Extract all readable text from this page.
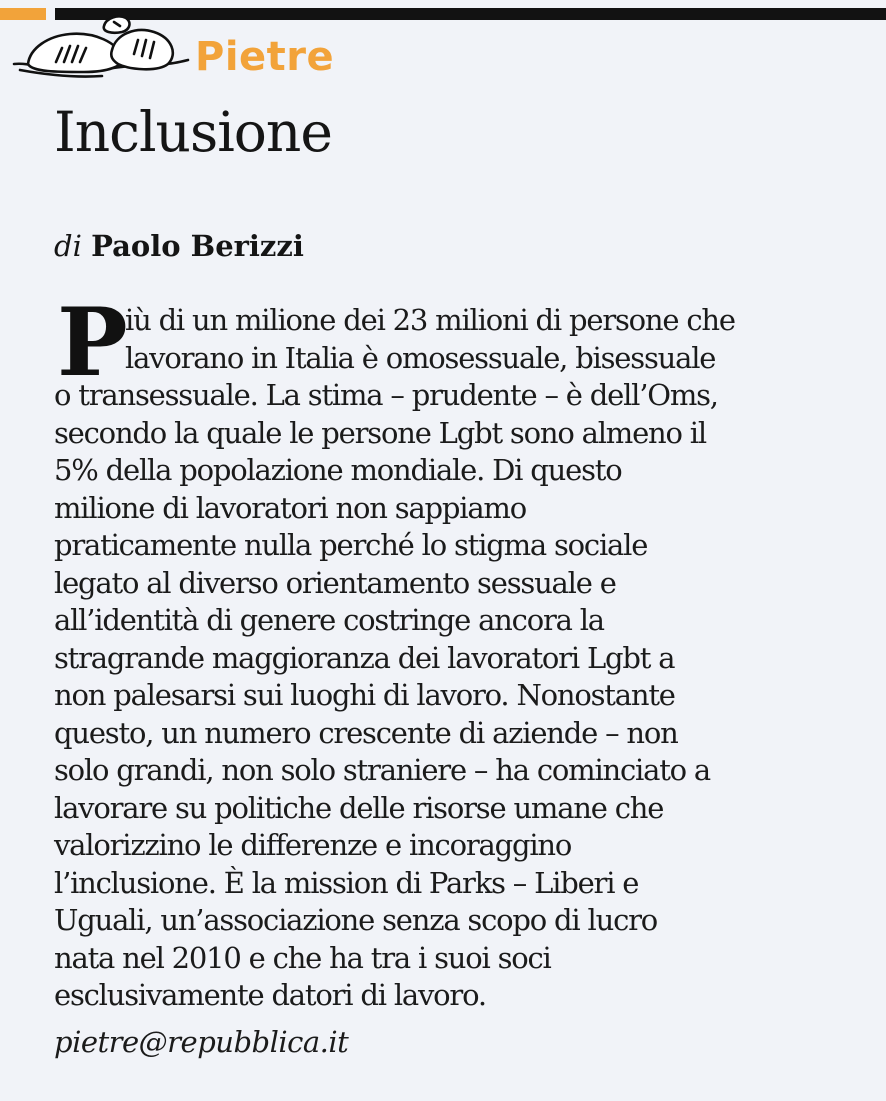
Pietre
Inclusione
di Paolo Berizzi
P
iù di un milione dei 23 milioni di persone che
lavorano in Italia è omosessuale, bisessuale
o transessuale. La stima – prudente – è dell’Oms,
secondo la quale le persone Lgbt sono almeno il
5% della popolazione mondiale. Di questo
milione di lavoratori non sappiamo
praticamente nulla perché lo stigma sociale
legato al diverso orientamento sessuale e
all’identità di genere costringe ancora la
stragrande maggioranza dei lavoratori Lgbt a
non palesarsi sui luoghi di lavoro. Nonostante
questo, un numero crescente di aziende – non
solo grandi, non solo straniere – ha cominciato a
lavorare su politiche delle risorse umane che
valorizzino le differenze e incoraggino
l’inclusione. È la mission di Parks – Liberi e
Uguali, un’associazione senza scopo di lucro
nata nel 2010 e che ha tra i suoi soci
esclusivamente datori di lavoro.
pietre@repubblica.it
